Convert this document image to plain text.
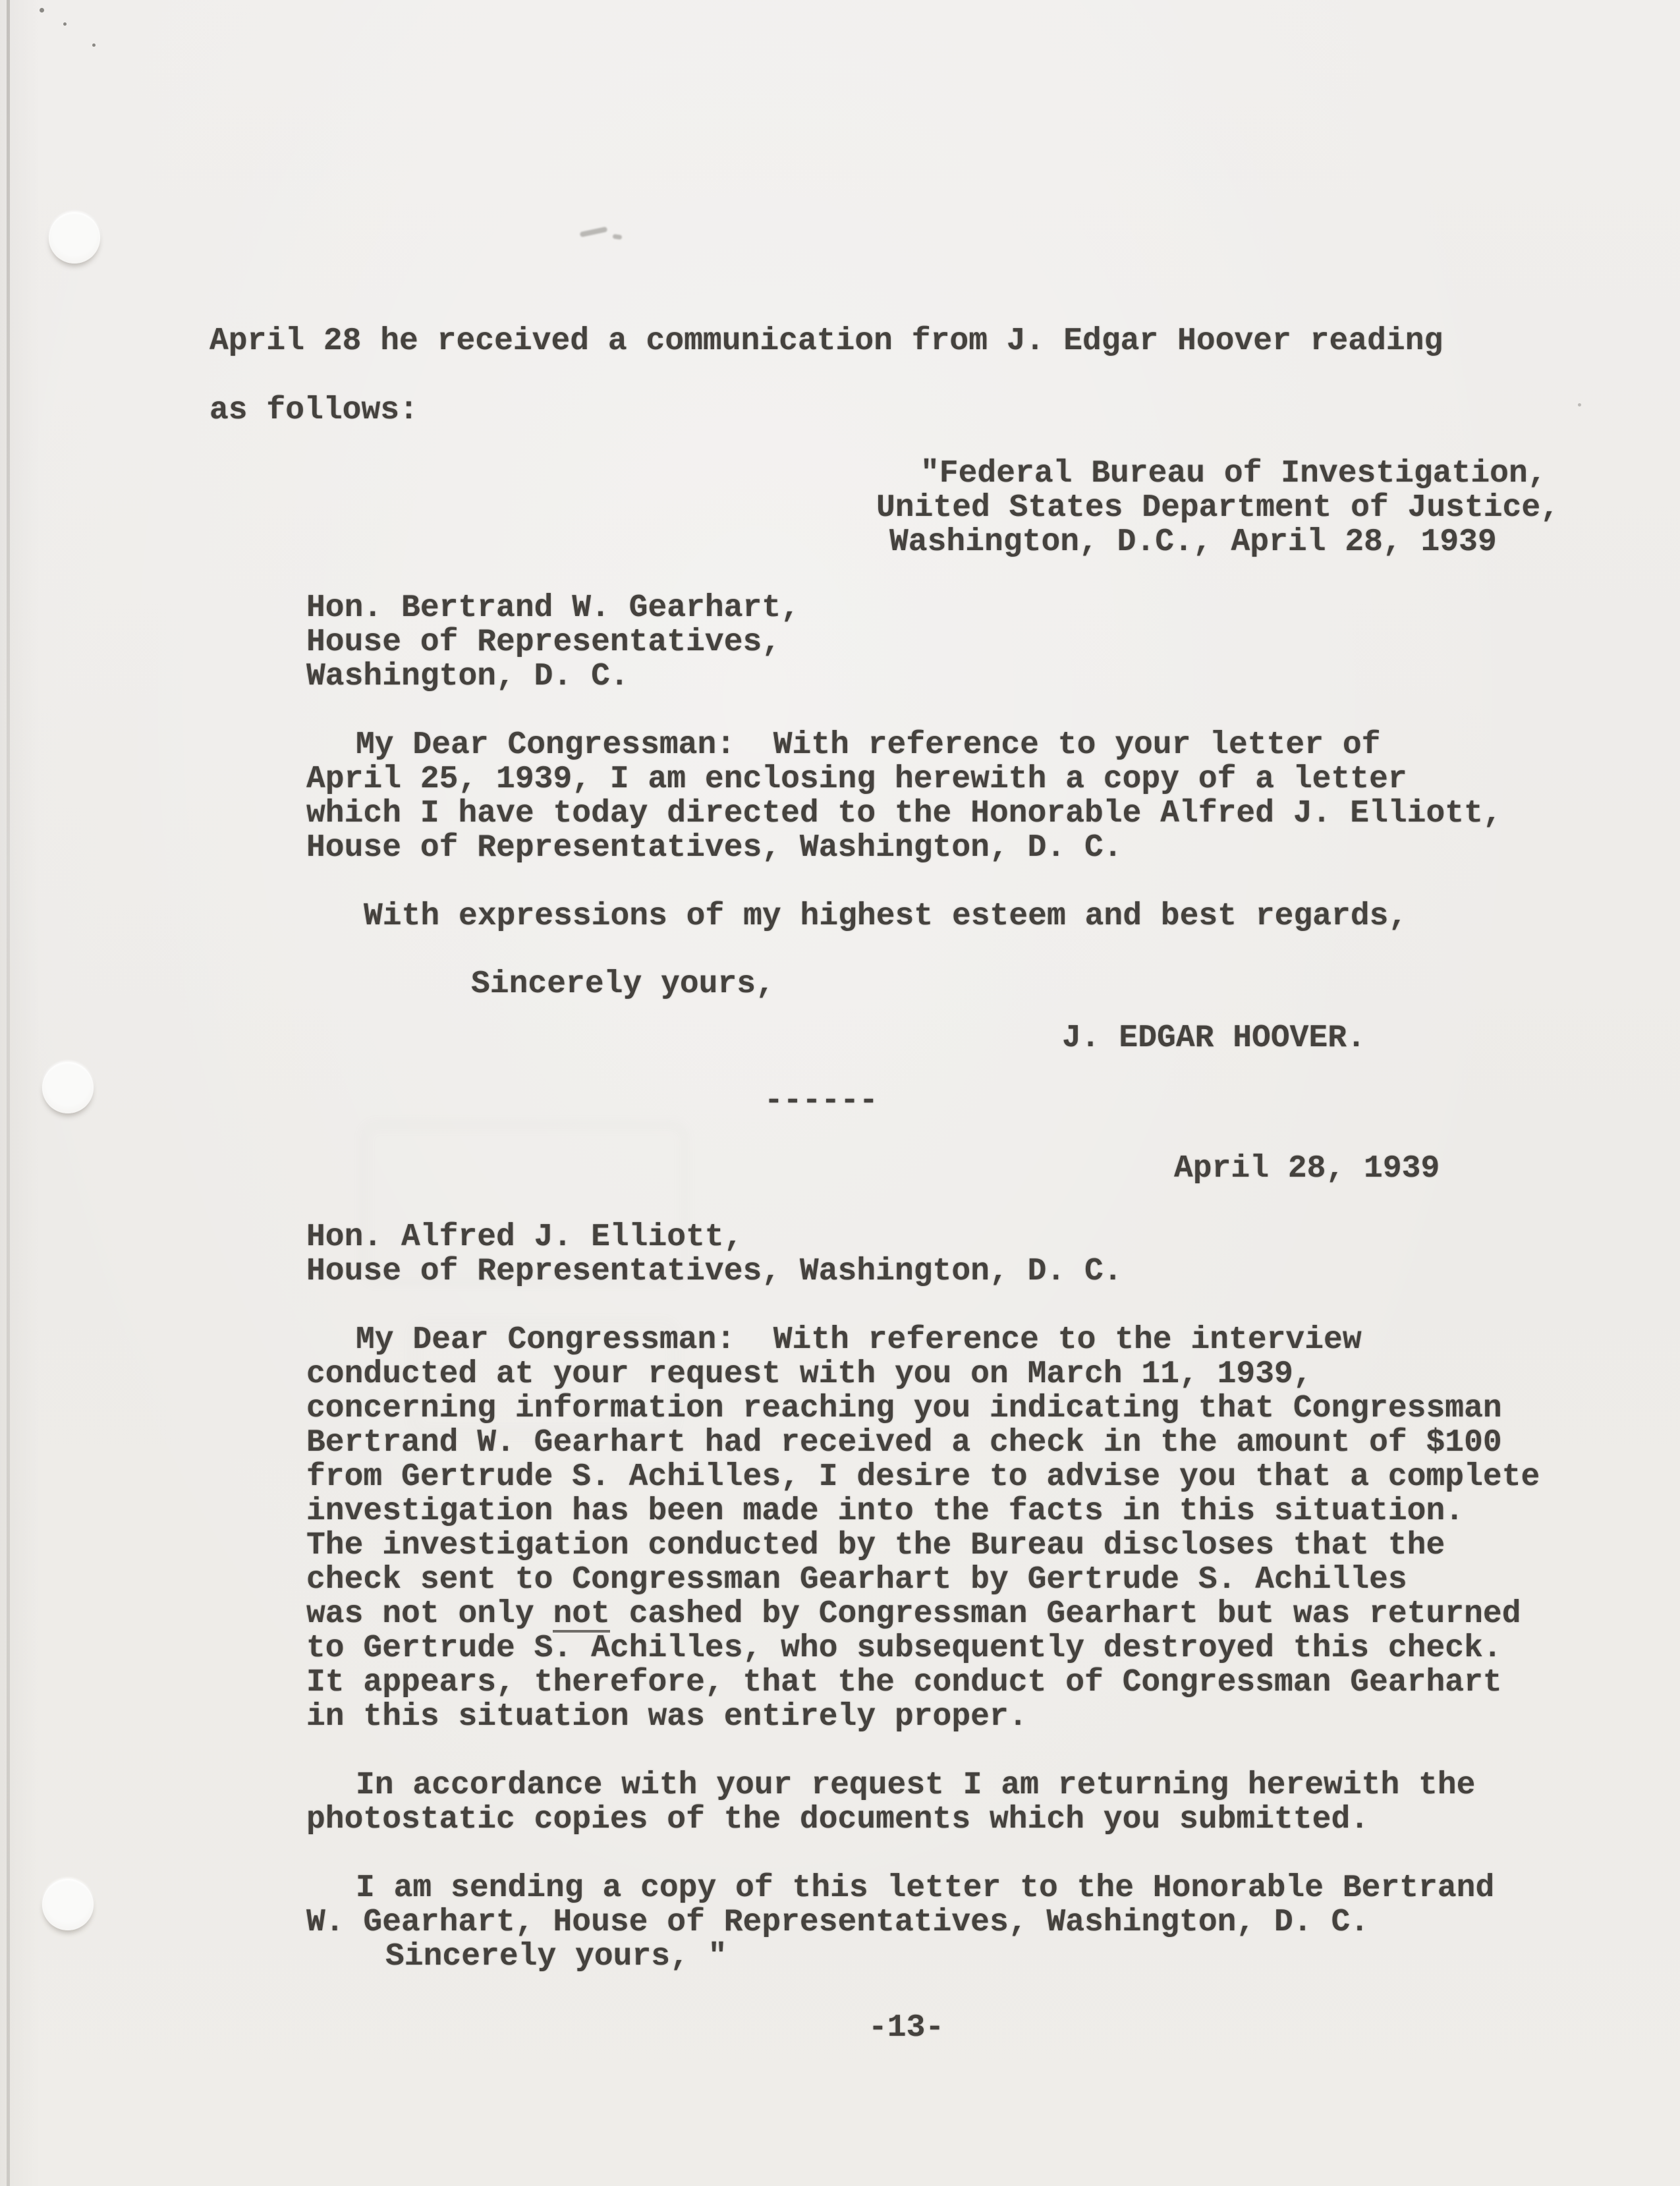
April 28 he received a communication from J. Edgar Hoover reading
as follows:
"Federal Bureau of Investigation,
United States Department of Justice,
Washington, D.C., April 28, 1939
Hon. Bertrand W. Gearhart,
House of Representatives,
Washington, D. C.
My Dear Congressman:  With reference to your letter of
April 25, 1939, I am enclosing herewith a copy of a letter
which I have today directed to the Honorable Alfred J. Elliott,
House of Representatives, Washington, D. C.
With expressions of my highest esteem and best regards,
Sincerely yours,
J. EDGAR HOOVER.
------
April 28, 1939
Hon. Alfred J. Elliott,
House of Representatives, Washington, D. C.
My Dear Congressman:  With reference to the interview
conducted at your request with you on March 11, 1939,
concerning information reaching you indicating that Congressman
Bertrand W. Gearhart had received a check in the amount of $100
from Gertrude S. Achilles, I desire to advise you that a complete
investigation has been made into the facts in this situation.
The investigation conducted by the Bureau discloses that the
check sent to Congressman Gearhart by Gertrude S. Achilles
was not only not cashed by Congressman Gearhart but was returned
to Gertrude S. Achilles, who subsequently destroyed this check.
It appears, therefore, that the conduct of Congressman Gearhart
in this situation was entirely proper.
In accordance with your request I am returning herewith the
photostatic copies of the documents which you submitted.
I am sending a copy of this letter to the Honorable Bertrand
W. Gearhart, House of Representatives, Washington, D. C.
Sincerely yours, "
-13-
